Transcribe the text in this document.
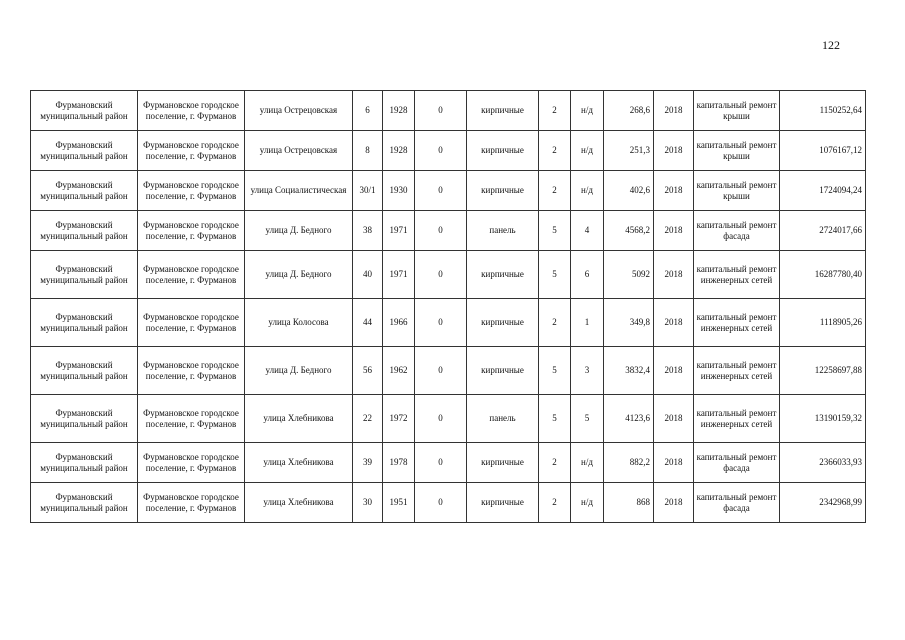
122
Фурмановский муниципальный район	Фурмановское городское поселение, г. Фурманов	улица Острецовская	6	1928	0	кирпичные	2	н/д	268,6	2018	капитальный ремонт крыши	1150252,64
Фурмановский муниципальный район	Фурмановское городское поселение, г. Фурманов	улица Острецовская	8	1928	0	кирпичные	2	н/д	251,3	2018	капитальный ремонт крыши	1076167,12
Фурмановский муниципальный район	Фурмановское городское поселение, г. Фурманов	улица Социалистическая	30/1	1930	0	кирпичные	2	н/д	402,6	2018	капитальный ремонт крыши	1724094,24
Фурмановский муниципальный район	Фурмановское городское поселение, г. Фурманов	улица Д. Бедного	38	1971	0	панель	5	4	4568,2	2018	капитальный ремонт фасада	2724017,66
Фурмановский муниципальный район	Фурмановское городское поселение, г. Фурманов	улица Д. Бедного	40	1971	0	кирпичные	5	6	5092	2018	капитальный ремонт инженерных сетей	16287780,40
Фурмановский муниципальный район	Фурмановское городское поселение, г. Фурманов	улица Колосова	44	1966	0	кирпичные	2	1	349,8	2018	капитальный ремонт инженерных сетей	1118905,26
Фурмановский муниципальный район	Фурмановское городское поселение, г. Фурманов	улица Д. Бедного	56	1962	0	кирпичные	5	3	3832,4	2018	капитальный ремонт инженерных сетей	12258697,88
Фурмановский муниципальный район	Фурмановское городское поселение, г. Фурманов	улица Хлебникова	22	1972	0	панель	5	5	4123,6	2018	капитальный ремонт инженерных сетей	13190159,32
Фурмановский муниципальный район	Фурмановское городское поселение, г. Фурманов	улица Хлебникова	39	1978	0	кирпичные	2	н/д	882,2	2018	капитальный ремонт фасада	2366033,93
Фурмановский муниципальный район	Фурмановское городское поселение, г. Фурманов	улица Хлебникова	30	1951	0	кирпичные	2	н/д	868	2018	капитальный ремонт фасада	2342968,99
